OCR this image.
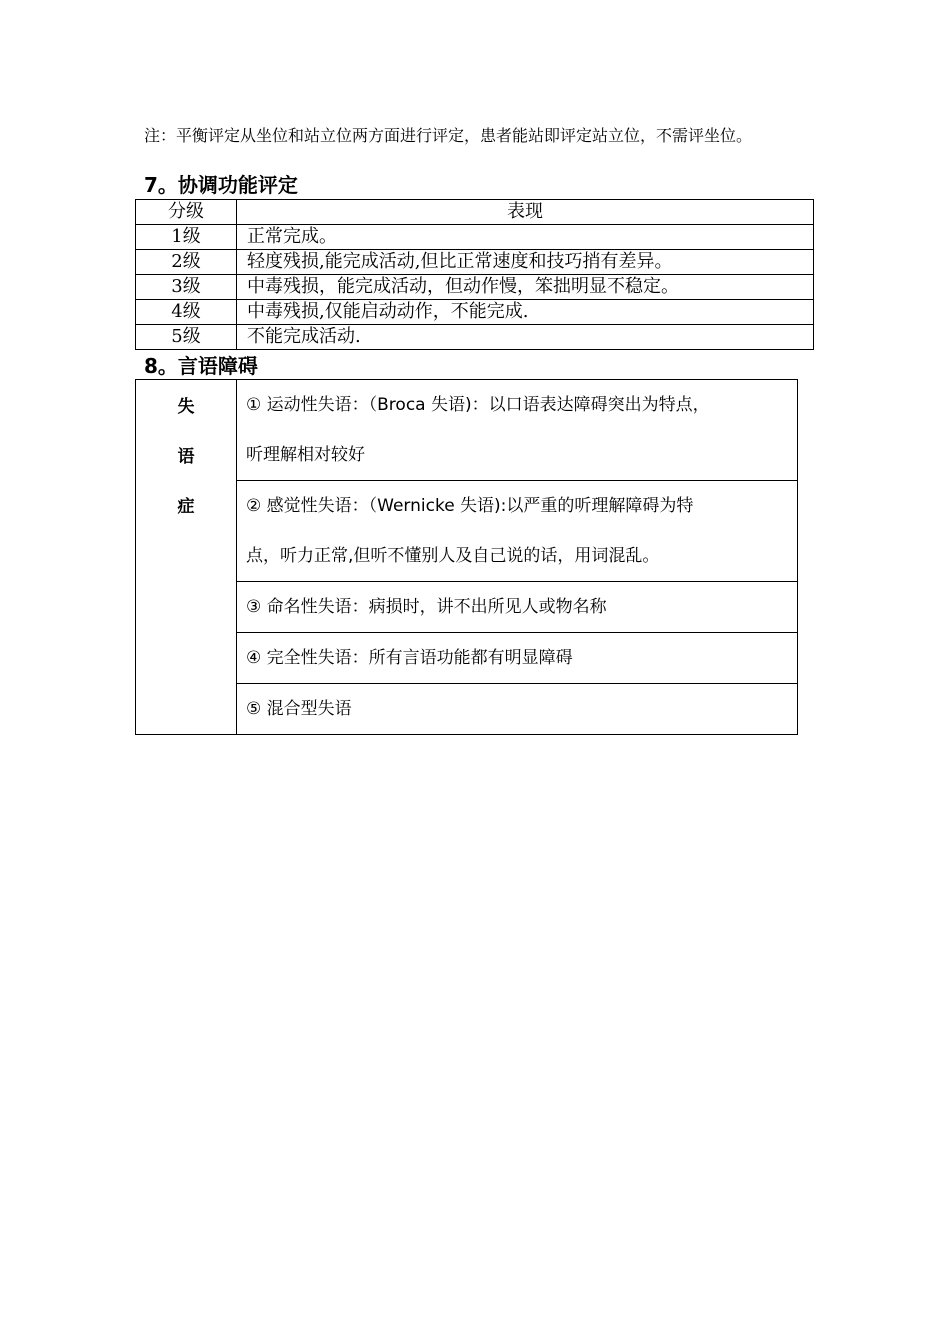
注：平衡评定从坐位和站立位两方面进行评定，患者能站即评定站立位，不需评坐位。
7。协调功能评定
分级	表现
1级	正常完成。
2级	轻度残损,能完成活动,但比正常速度和技巧捎有差异。
3级	中毒残损，能完成活动，但动作慢，笨拙明显不稳定。
4级	中毒残损,仅能启动动作，不能完成.
5级	不能完成活动.
8。言语障碍
失
语
症

① 运动性失语：（Broca 失语)：以口语表达障碍突出为特点，
听理解相对较好

② 感觉性失语：（Wernicke 失语):以严重的听理解障碍为特
点，听力正常,但听不懂别人及自己说的话，用词混乱。

③ 命名性失语：病损时，讲不出所见人或物名称

④ 完全性失语：所有言语功能都有明显障碍

⑤ 混合型失语
